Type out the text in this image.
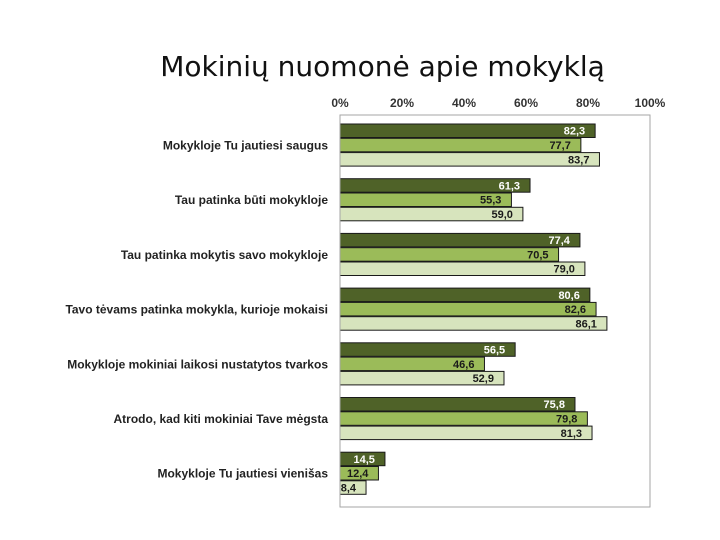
Mokinių nuomonė apie mokyklą
0%	20%	40%	60%	80%	100%
Mokykloje Tu jautiesi saugus
Tau patinka būti mokykloje
Tau patinka mokytis savo mokykloje
Tavo tėvams patinka mokykla, kurioje mokaisi
Mokykloje mokiniai laikosi nustatytos tvarkos
Atrodo, kad kiti mokiniai Tave mėgsta
Mokykloje Tu jautiesi vienišas
82,3
77,7
83,7
61,3
55,3
59,0
77,4
70,5
79,0
80,6
82,6
86,1
56,5
46,6
52,9
75,8
79,8
81,3
14,5
12,4
8,4
